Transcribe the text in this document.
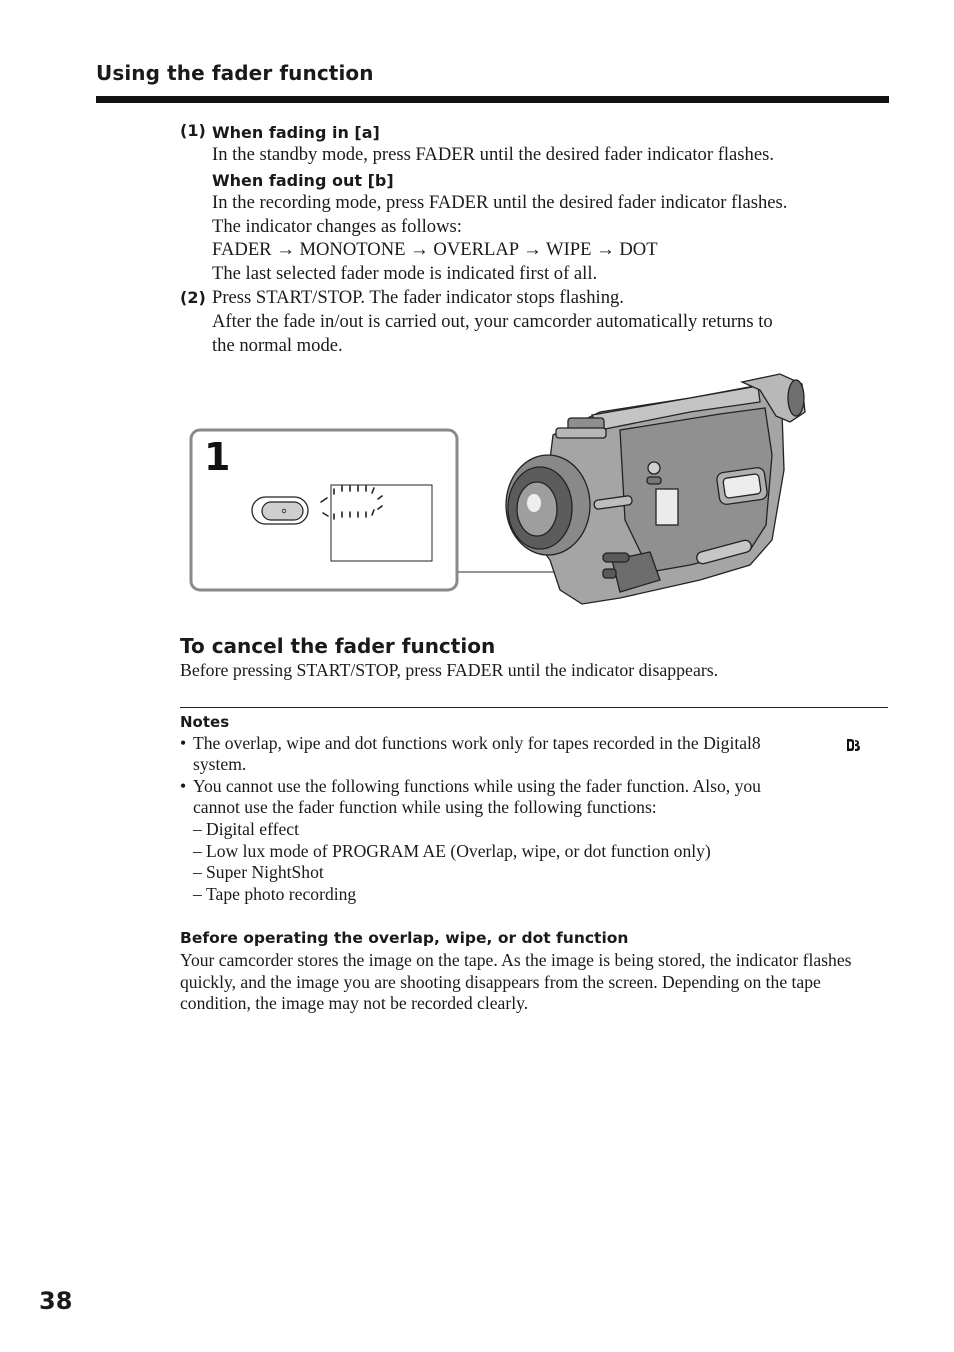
Using the fader function
(1) When fading in [a]
In the standby mode, press FADER until the desired fader indicator flashes.
When fading out [b]
In the recording mode, press FADER until the desired fader indicator flashes.
The indicator changes as follows:
FADER → MONOTONE → OVERLAP → WIPE → DOT
The last selected fader mode is indicated first of all.
(2) Press START/STOP. The fader indicator stops flashing.
After the fade in/out is carried out, your camcorder automatically returns to
the normal mode.
1
To cancel the fader function
Before pressing START/STOP, press FADER until the indicator disappears.
Notes
• The overlap, wipe and dot functions work only for tapes recorded in the Digital8
system.
• You cannot use the following functions while using the fader function. Also, you
cannot use the fader function while using the following functions:
– Digital effect
– Low lux mode of PROGRAM AE (Overlap, wipe, or dot function only)
– Super NightShot
– Tape photo recording
Before operating the overlap, wipe, or dot function
Your camcorder stores the image on the tape. As the image is being stored, the indicator flashes quickly, and the image you are shooting disappears from the screen. Depending on the tape condition, the image may not be recorded clearly.
38
